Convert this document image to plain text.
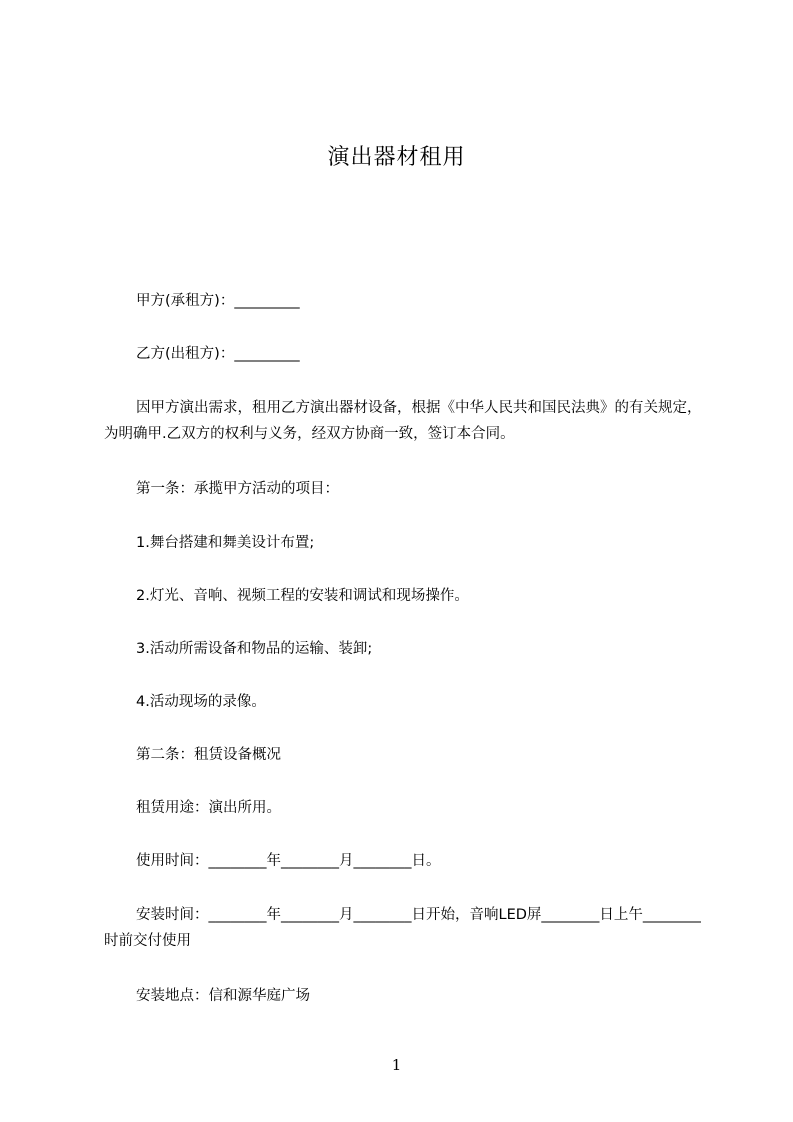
演出器材租用
甲方(承租方)：_________
乙方(出租方)：_________
因甲方演出需求，租用乙方演出器材设备，根据《中华人民共和国民法典》的有关规定，为明确甲.乙双方的权利与义务，经双方协商一致，签订本合同。
第一条：承揽甲方活动的项目：
1.舞台搭建和舞美设计布置;
2.灯光、音响、视频工程的安装和调试和现场操作。
3.活动所需设备和物品的运输、装卸;
4.活动现场的录像。
第二条：租赁设备概况
租赁用途：演出所用。
使用时间：________年________月________日。
安装时间：________年________月________日开始，音响LED屏________日上午________时前交付使用
安装地点：信和源华庭广场
1
